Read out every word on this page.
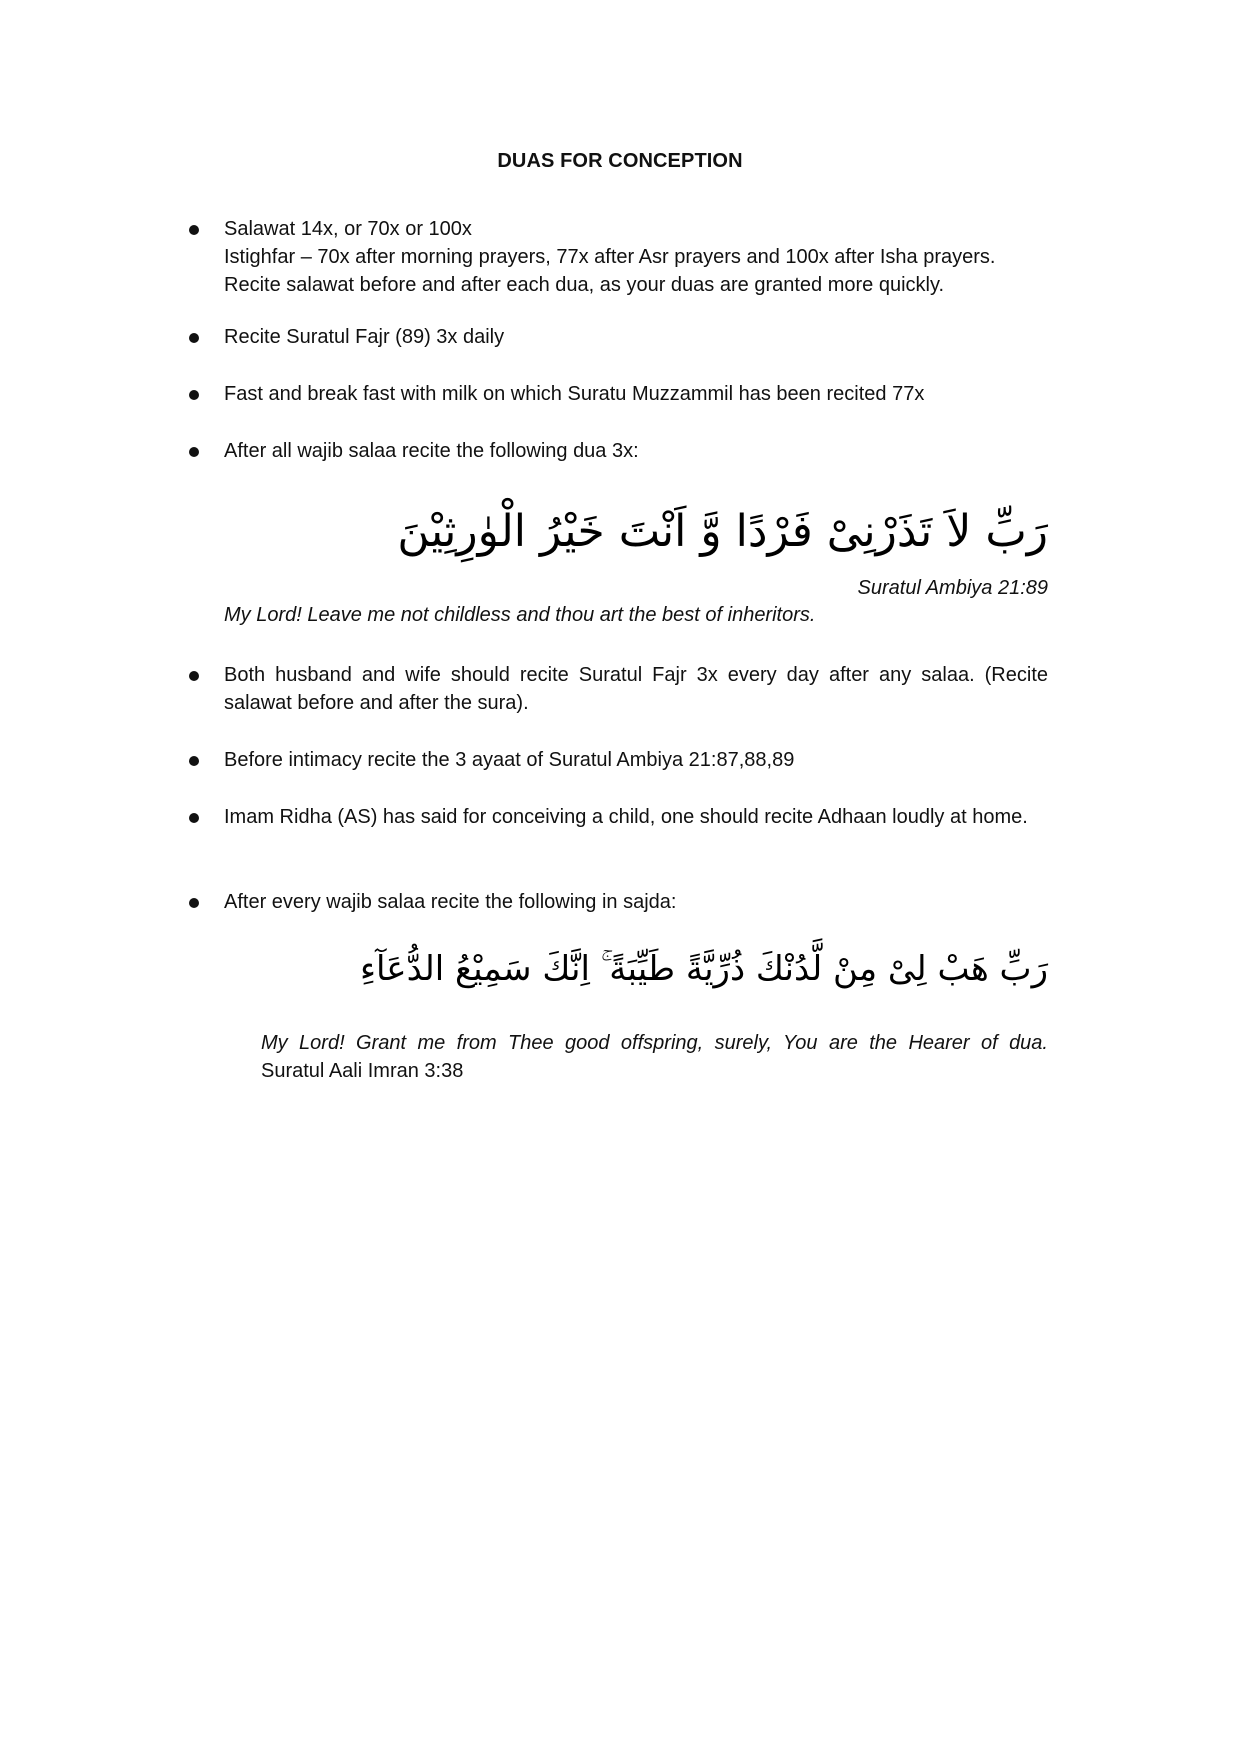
DUAS FOR CONCEPTION
Salawat 14x, or 70x or 100x
Istighfar – 70x after morning prayers, 77x after Asr prayers and 100x after Isha prayers.
Recite salawat before and after each dua, as your duas are granted more quickly.
Recite Suratul Fajr (89) 3x daily
Fast and break fast with milk on which Suratu Muzzammil has been recited 77x
After all wajib salaa recite the following dua 3x:
رَبِّ لاَ تَذَرْنِىْ فَرْدًا وَّ اَنْتَ خَيْرُ الْوٰرِثِيْنَ
Suratul Ambiya 21:89
My Lord! Leave me not childless and thou art the best of inheritors.
Both husband and wife should recite Suratul Fajr 3x every day after any salaa. (Recite salawat before and after the sura).
Before intimacy recite the 3 ayaat of Suratul Ambiya 21:87,88,89
Imam Ridha (AS) has said for conceiving a child, one should recite Adhaan loudly at home.
After every wajib salaa recite the following in sajda:
رَبِّ هَبْ لِىْ مِنْ لَّدُنْكَ ذُرِّيَّةً طَيِّبَةً ۚ اِنَّكَ سَمِيْعُ الدُّعَآءِ
My Lord! Grant me from Thee good offspring, surely, You are the Hearer of dua.
Suratul Aali Imran 3:38
